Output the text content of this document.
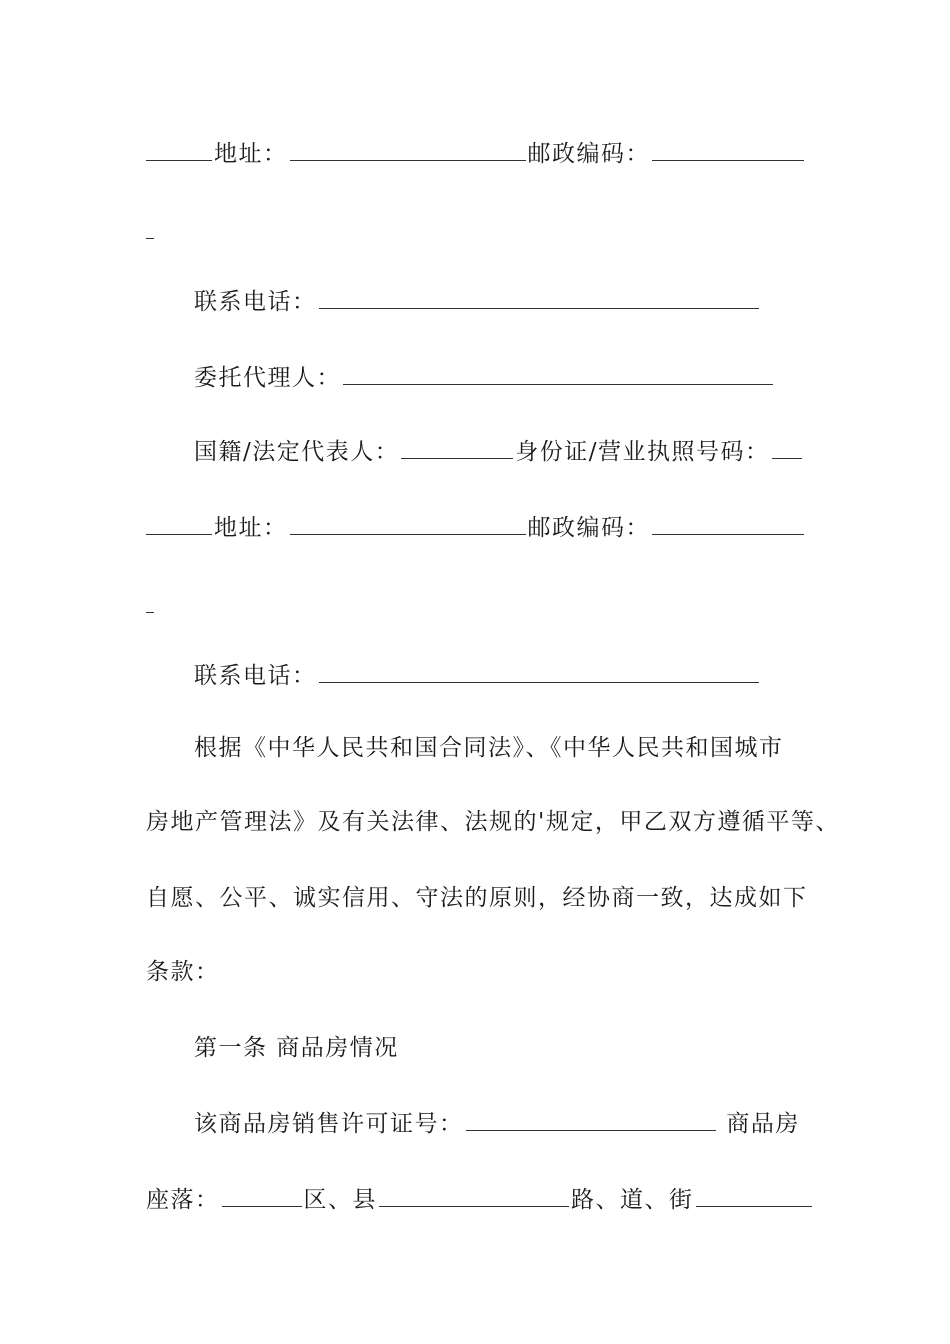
地址：	邮政编码：
联系电话：
委托代理人：
国籍/法定代表人：	身份证/营业执照号码：
地址：	邮政编码：
联系电话：
根据《中华人民共和国合同法》、《中华人民共和国城市
房地产管理法》及有关法律、法规的'规定，甲乙双方遵循平等、
自愿、公平、诚实信用、守法的原则，经协商一致，达成如下
条款：
第一条 商品房情况
该商品房销售许可证号：	商品房
座落：	区、县	路、道、街
